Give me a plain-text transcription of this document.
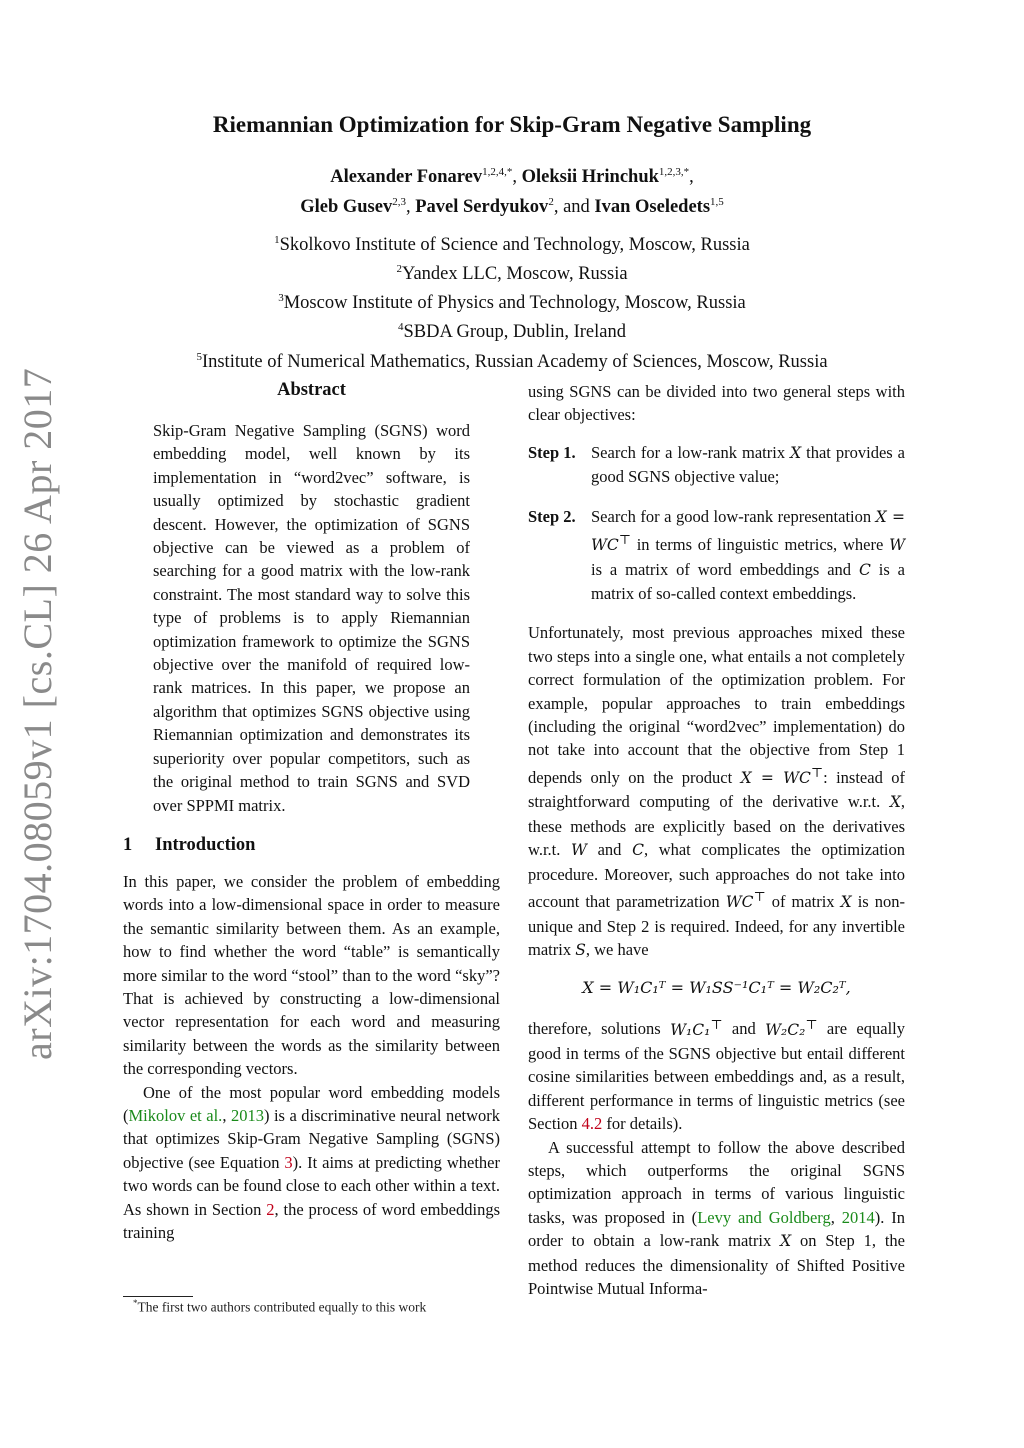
arXiv:1704.08059v1 [cs.CL] 26 Apr 2017
Riemannian Optimization for Skip-Gram Negative Sampling
Alexander Fonarev$^{1,2,4,*}$, Oleksii Hrinchuk$^{1,2,3,*}$,
Gleb Gusev$^{2,3}$, Pavel Serdyukov$^2$, and Ivan Oseledets$^{1,5}$
$^1$Skolkovo Institute of Science and Technology, Moscow, Russia
$^2$Yandex LLC, Moscow, Russia
$^3$Moscow Institute of Physics and Technology, Moscow, Russia
$^4$SBDA Group, Dublin, Ireland
$^5$Institute of Numerical Mathematics, Russian Academy of Sciences, Moscow, Russia
Abstract
Skip-Gram Negative Sampling (SGNS) word embedding model, well known by its implementation in “word2vec” software, is usually optimized by stochastic gradient descent. However, the optimization of SGNS objective can be viewed as a problem of searching for a good matrix with the low-rank constraint. The most standard way to solve this type of problems is to apply Riemannian optimization framework to optimize the SGNS objective over the manifold of required low-rank matrices. In this paper, we propose an algorithm that optimizes SGNS objective using Riemannian optimization and demonstrates its superiority over popular competitors, such as the original method to train SGNS and SVD over SPPMI matrix.
1 Introduction

In this paper, we consider the problem of embedding words into a low-dimensional space in order to measure the semantic similarity between them. As an example, how to find whether the word “table” is semantically more similar to the word “stool” than to the word “sky”? That is achieved by constructing a low-dimensional vector representation for each word and measuring similarity between the words as the similarity between the corresponding vectors.

One of the most popular word embedding models (Mikolov et al., 2013) is a discriminative neural network that optimizes Skip-Gram Negative Sampling (SGNS) objective (see Equation 3). It aims at predicting whether two words can be found close to each other within a text. As shown in Section 2, the process of word embeddings training

using SGNS can be divided into two general steps with clear objectives:

Step 1. Search for a low-rank matrix X that provides a good SGNS objective value;
Step 2. Search for a good low-rank representation X = WC⊤ in terms of linguistic metrics, where W is a matrix of word embeddings and C is a matrix of so-called context embeddings.

Unfortunately, most previous approaches mixed these two steps into a single one, what entails a not completely correct formulation of the optimization problem. For example, popular approaches to train embeddings (including the original “word2vec” implementation) do not take into account that the objective from Step 1 depends only on the product X = WC⊤: instead of straightforward computing of the derivative w.r.t. X, these methods are explicitly based on the derivatives w.r.t. W and C, what complicates the optimization procedure. Moreover, such approaches do not take into account that parametrization WC⊤ of matrix X is non-unique and Step 2 is required. Indeed, for any invertible matrix S, we have

X = W₁C₁ᵀ = W₁SS⁻¹C₁ᵀ = W₂C₂ᵀ,

therefore, solutions W₁C₁⊤ and W₂C₂⊤ are equally good in terms of the SGNS objective but entail different cosine similarities between embeddings and, as a result, different performance in terms of linguistic metrics (see Section 4.2 for details).

A successful attempt to follow the above described steps, which outperforms the original SGNS optimization approach in terms of various linguistic tasks, was proposed in (Levy and Goldberg, 2014). In order to obtain a low-rank matrix X on Step 1, the method reduces the dimensionality of Shifted Positive Pointwise Mutual Informa-

*The first two authors contributed equally to this work
